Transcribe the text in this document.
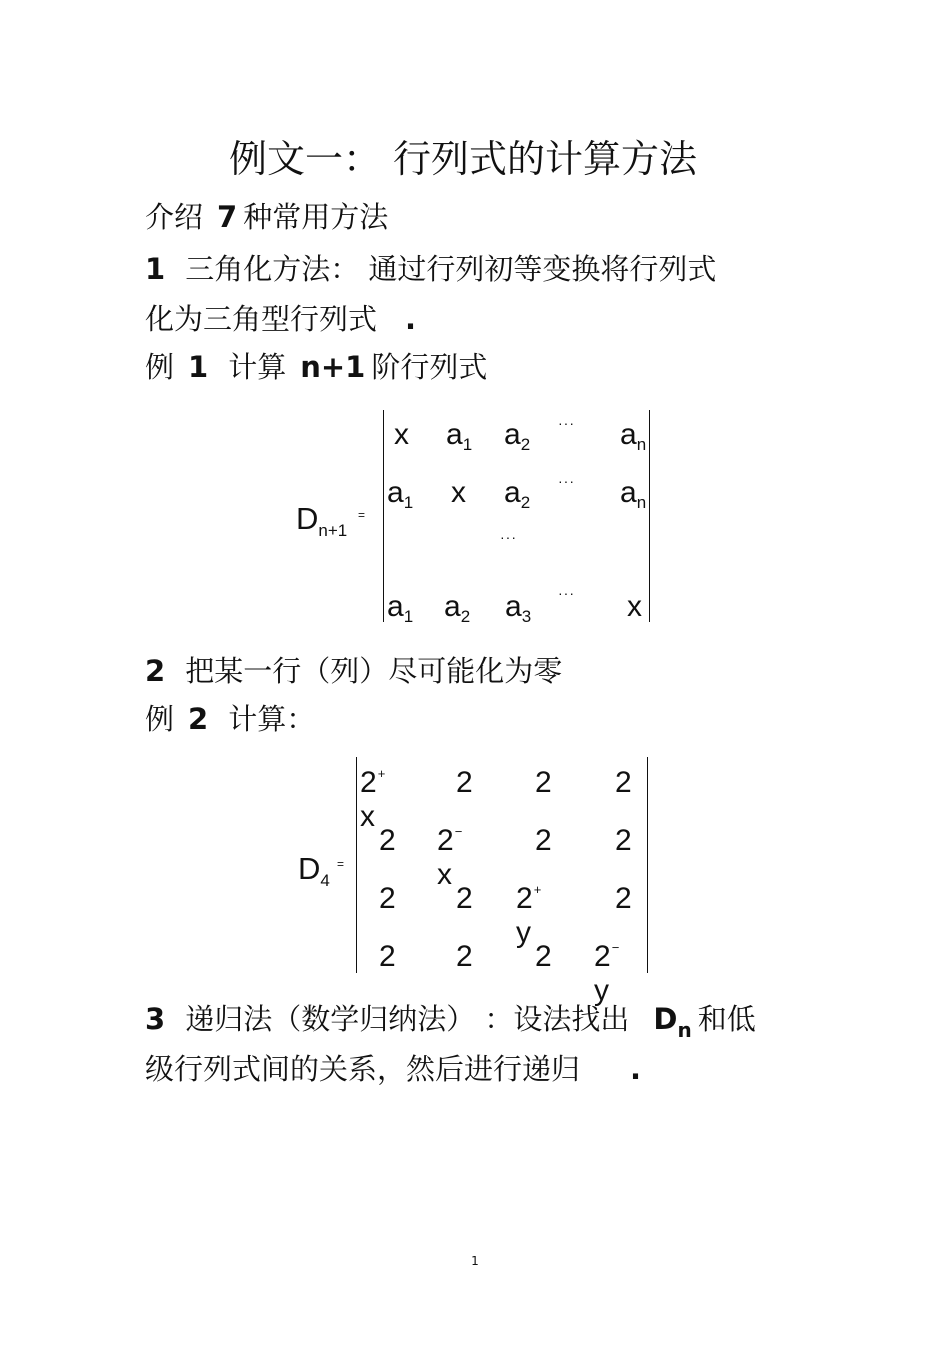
例文一： 行列式的计算方法
介绍 7 种常用方法
1 三角化方法： 通过行列初等变换将行列式
化为三角型行列式 .
例 1 计算 n+1 阶行列式
$D_{n+1}$
=
x $a_1$ $a_2$
··· $a_n$
$a_1$ x $a_2$
··· $a_n$
···
$a_1$ $a_2$ $a_3$
··· x
2 把某一行（列）尽可能化为零
例 2 计算：
$D_4$
=
2+ x
2 2 2
2 2− x
2 2
2 2 2+ y
2
2 2 2 2− y
3 递归法（数学归纳法） ：设法找出 $D_n$ 和低
级行列式间的关系，然后进行递归 .
1
